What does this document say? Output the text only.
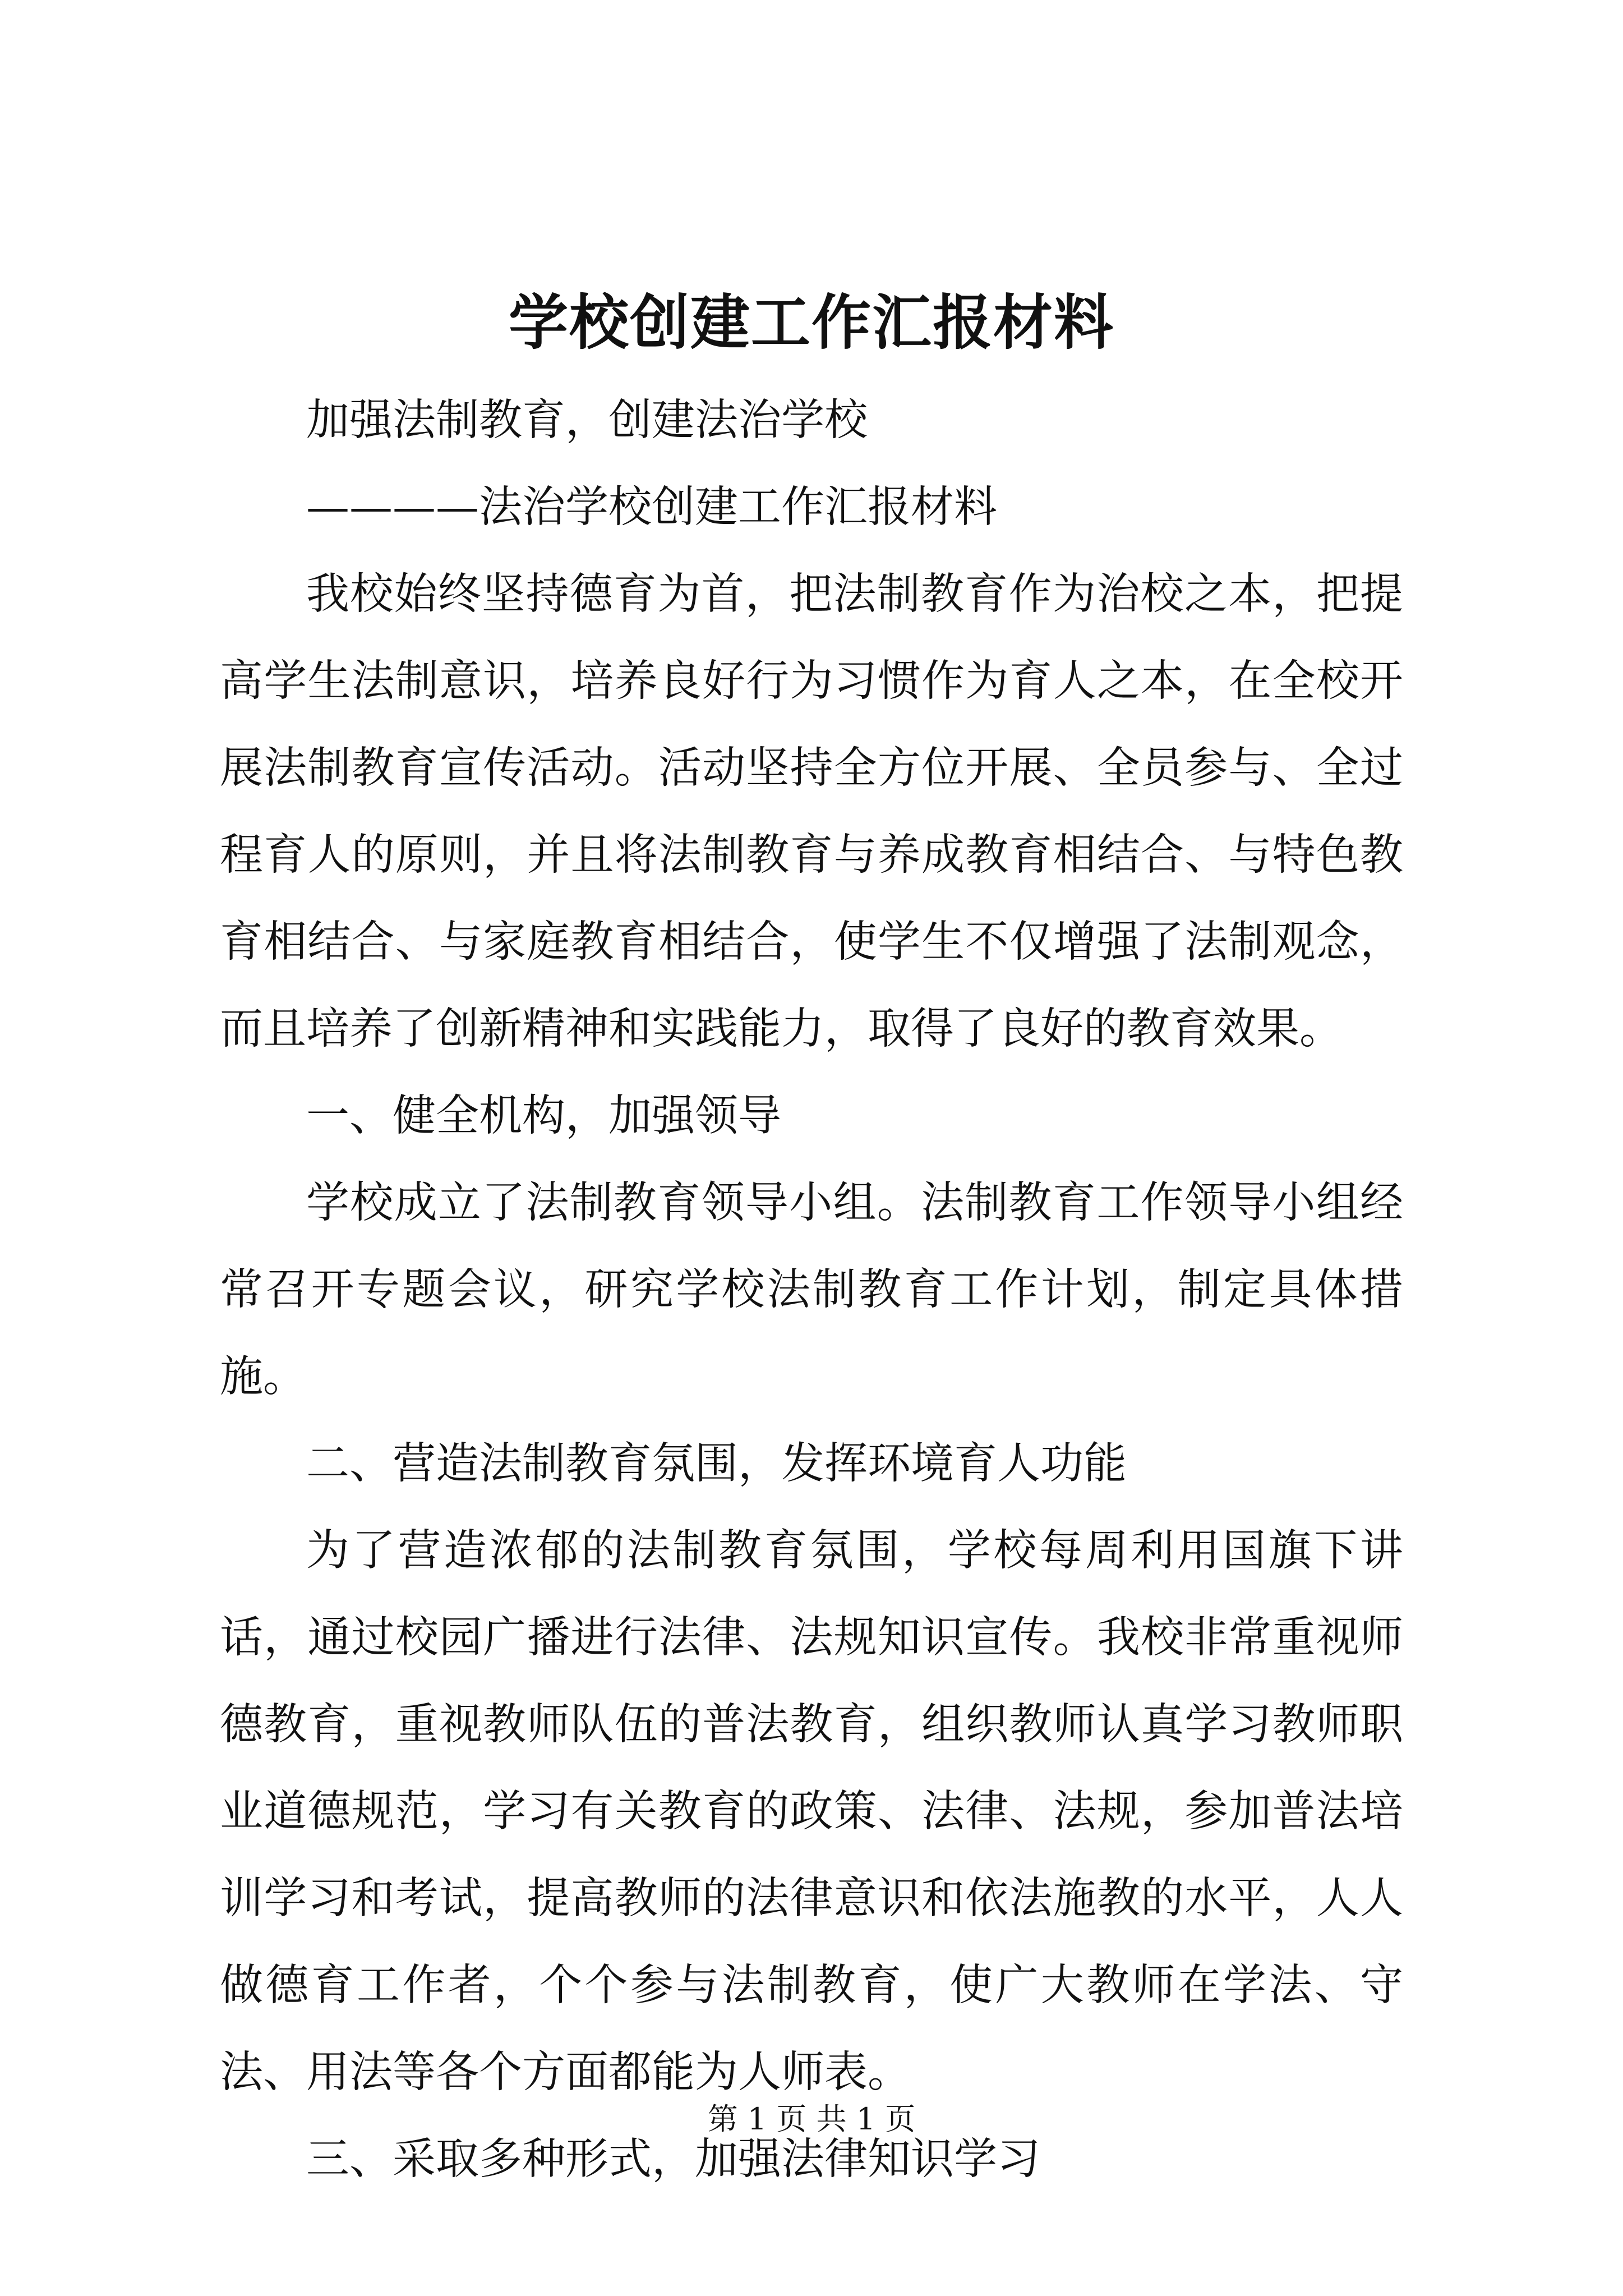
学校创建工作汇报材料

加强法制教育，创建法治学校

————法治学校创建工作汇报材料

我校始终坚持德育为首，把法制教育作为治校之本，把提高学生法制意识，培养良好行为习惯作为育人之本，在全校开展法制教育宣传活动。活动坚持全方位开展、全员参与、全过程育人的原则，并且将法制教育与养成教育相结合、与特色教育相结合、与家庭教育相结合，使学生不仅增强了法制观念，而且培养了创新精神和实践能力，取得了良好的教育效果。

一、健全机构，加强领导

学校成立了法制教育领导小组。法制教育工作领导小组经常召开专题会议，研究学校法制教育工作计划，制定具体措施。

二、营造法制教育氛围，发挥环境育人功能

为了营造浓郁的法制教育氛围，学校每周利用国旗下讲话，通过校园广播进行法律、法规知识宣传。我校非常重视师德教育，重视教师队伍的普法教育，组织教师认真学习教师职业道德规范，学习有关教育的政策、法律、法规，参加普法培训学习和考试，提高教师的法律意识和依法施教的水平，人人做德育工作者，个个参与法制教育，使广大教师在学法、守法、用法等各个方面都能为人师表。

三、采取多种形式，加强法律知识学习

第 1 页 共 1 页
